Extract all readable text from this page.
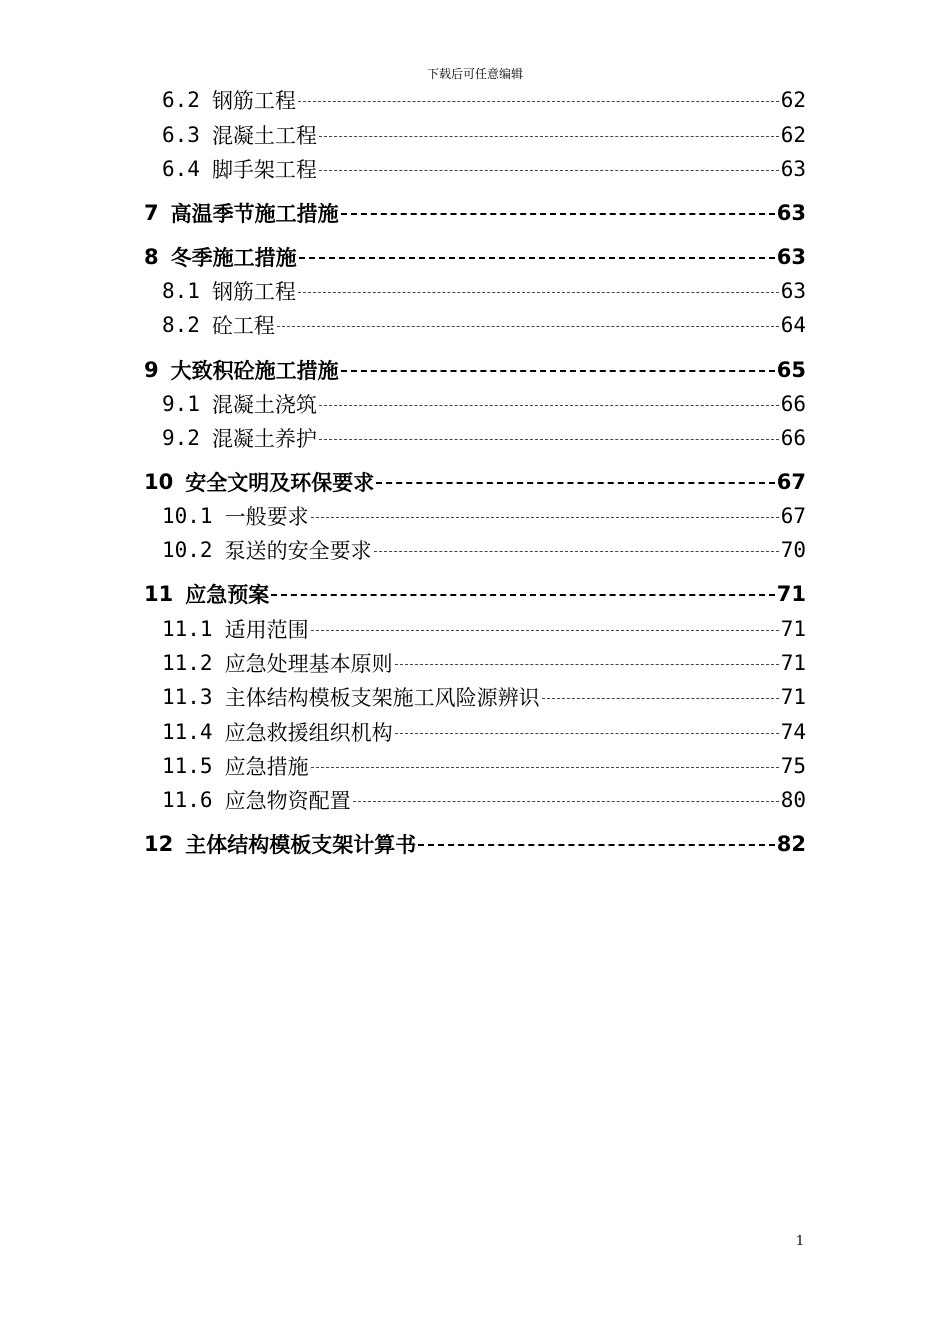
下载后可任意编辑
6.2 钢筋工程	62
6.3 混凝土工程	62
6.4 脚手架工程	63
7 高温季节施工措施	63
8 冬季施工措施	63
8.1 钢筋工程	63
8.2 砼工程	64
9 大致积砼施工措施	65
9.1 混凝土浇筑	66
9.2 混凝土养护	66
10 安全文明及环保要求	67
10.1 一般要求	67
10.2 泵送的安全要求	70
11 应急预案	71
11.1 适用范围	71
11.2 应急处理基本原则	71
11.3 主体结构模板支架施工风险源辨识	71
11.4 应急救援组织机构	74
11.5 应急措施	75
11.6 应急物资配置	80
12 主体结构模板支架计算书	82
1
